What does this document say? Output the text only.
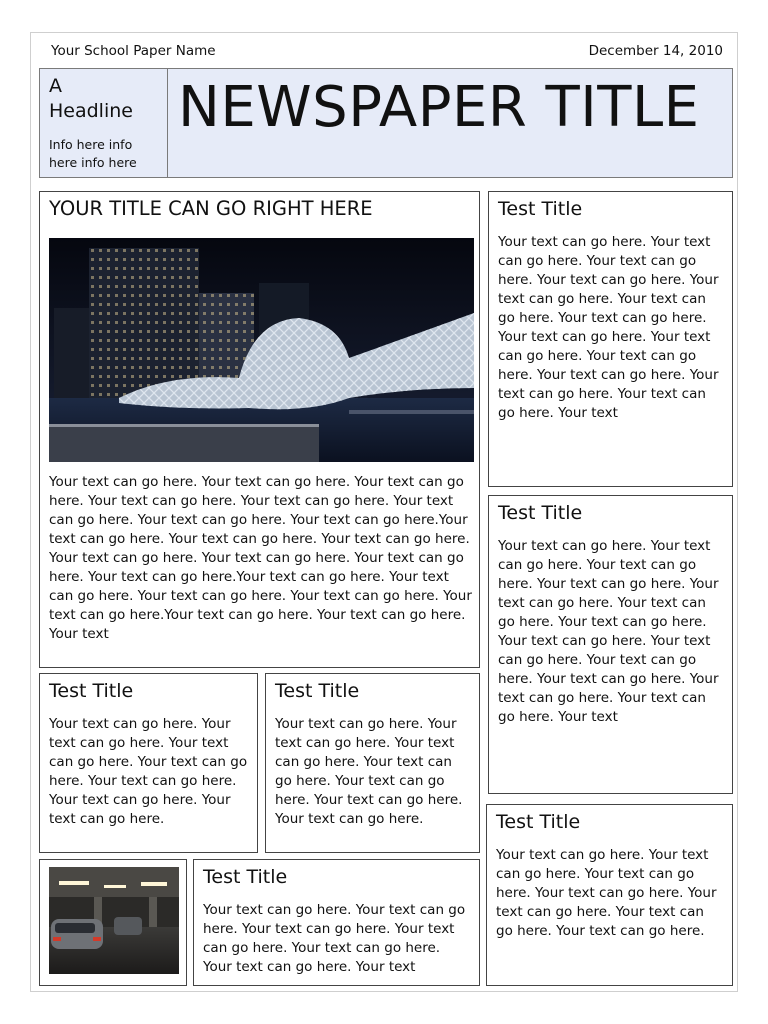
Your School Paper Name	December 14, 2010
A
Headline
Info here info here info here
NEWSPAPER TITLE
YOUR TITLE CAN GO RIGHT HERE
Your text can go here. Your text can go here. Your text can go here. Your text can go here. Your text can go here. Your text can go here. Your text can go here. Your text can go here.Your text can go here. Your text can go here. Your text can go here. Your text can go here. Your text can go here. Your text can go here. Your text can go here.Your text can go here. Your text can go here. Your text can go here. Your text can go here. Your text can go here.Your text can go here. Your text can go here. Your text
Test Title
Your text can go here. Your text can go here. Your text can go here. Your text can go here. Your text can go here. Your text can go here. Your text can go here. Your text can go here. Your text can go here. Your text can go here. Your text can go here. Your text can go here. Your text can go here. Your text
Test Title
Your text can go here. Your text can go here. Your text can go here. Your text can go here. Your text can go here. Your text can go here. Your text can go here. Your text can go here. Your text can go here. Your text can go here. Your text can go here. Your text can go here. Your text can go here. Your text
Test Title
Your text can go here. Your text can go here. Your text can go here. Your text can go here. Your text can go here. Your text can go here. Your text can go here.
Test Title
Your text can go here. Your text can go here. Your text can go here. Your text can go here. Your text can go here. Your text can go here. Your text can go here.
Test Title
Your text can go here. Your text can go here. Your text can go here. Your text can go here. Your text can go here. Your text can go here. Your text can go here.
Test Title
Your text can go here. Your text can go here. Your text can go here. Your text can go here. Your text can go here. Your text can go here. Your text
